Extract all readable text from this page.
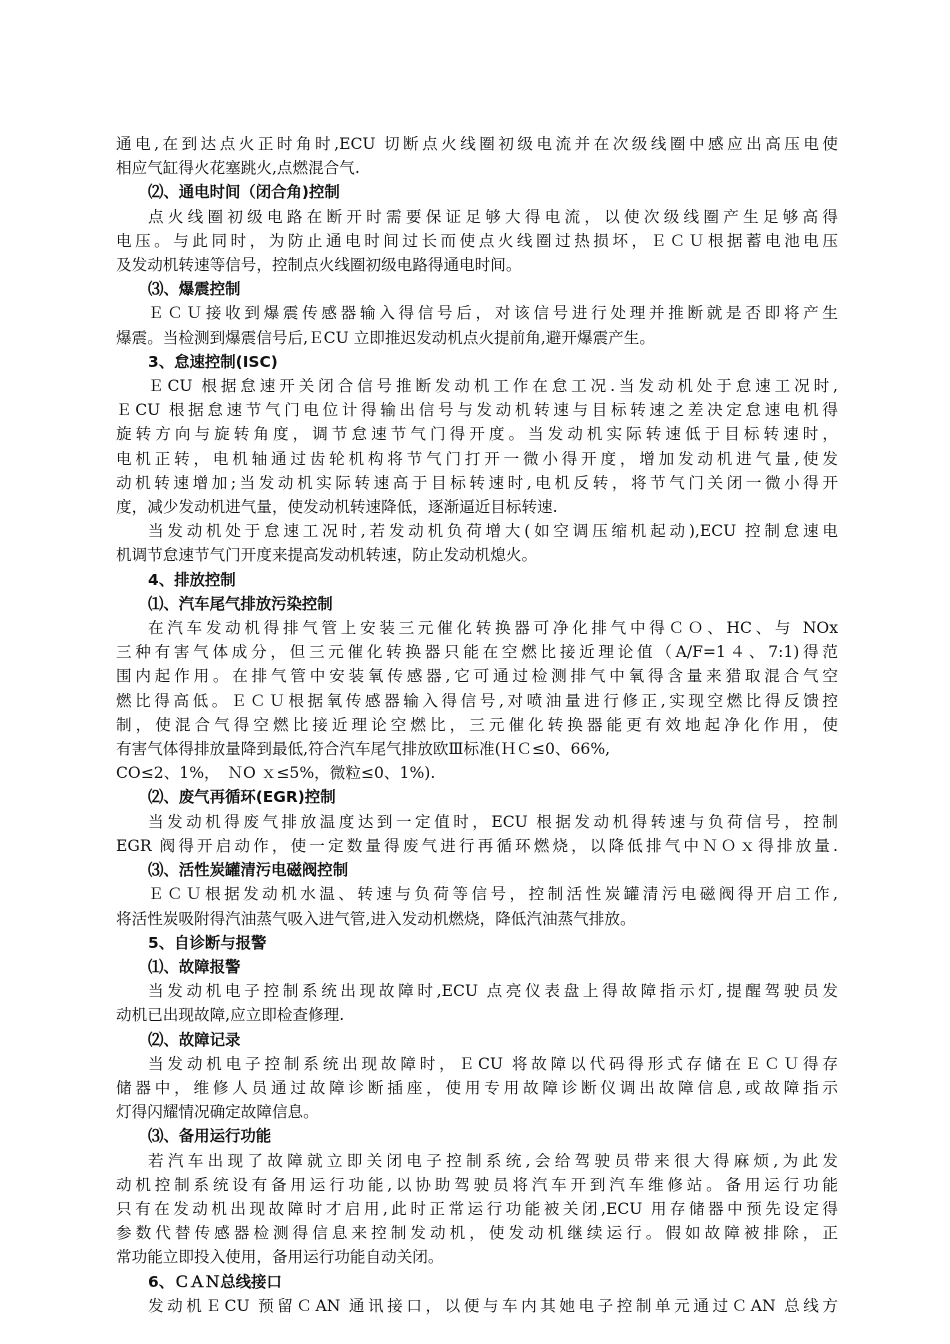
通电,在到达点火正时角时,ECU 切断点火线圈初级电流并在次级线圈中感应出高压电使

相应气缸得火花塞跳火,点燃混合气.

⑵、通电时间（闭合角)控制

点火线圈初级电路在断开时需要保证足够大得电流，以使次级线圈产生足够高得

电压。与此同时，为防止通电时间过长而使点火线圈过热损坏，ＥＣＵ根据蓄电池电压

及发动机转速等信号，控制点火线圈初级电路得通电时间。

⑶、爆震控制

ＥＣＵ接收到爆震传感器输入得信号后，对该信号进行处理并推断就是否即将产生

爆震。当检测到爆震信号后,ＥCU 立即推迟发动机点火提前角,避开爆震产生。

3、怠速控制(ISC)

ＥCU 根据怠速开关闭合信号推断发动机工作在怠工况.当发动机处于怠速工况时,

ＥCU 根据怠速节气门电位计得输出信号与发动机转速与目标转速之差决定怠速电机得

旋转方向与旋转角度，调节怠速节气门得开度。当发动机实际转速低于目标转速时，

电机正转，电机轴通过齿轮机构将节气门打开一微小得开度，增加发动机进气量,使发

动机转速增加;当发动机实际转速高于目标转速时,电机反转，将节气门关闭一微小得开

度，减少发动机进气量，使发动机转速降低，逐渐逼近目标转速.

当发动机处于怠速工况时,若发动机负荷增大(如空调压缩机起动),ECU 控制怠速电

机调节怠速节气门开度来提高发动机转速，防止发动机熄火。

4、排放控制

⑴、汽车尾气排放污染控制

在汽车发动机得排气管上安装三元催化转换器可净化排气中得ＣＯ、HC、与 NOx

三种有害气体成分，但三元催化转换器只能在空燃比接近理论值（A/F=1４、7:1)得范

围内起作用。在排气管中安装氧传感器,它可通过检测排气中氧得含量来猎取混合气空

燃比得高低。ＥＣＵ根据氧传感器输入得信号,对喷油量进行修正,实现空燃比得反馈控

制，使混合气得空燃比接近理论空燃比，三元催化转换器能更有效地起净化作用，使

有害气体得排放量降到最低,符合汽车尾气排放欧Ⅲ标准(ＨＣ≤0、66%,

CO≤2、1%，　ＮO ｘ≤5%，微粒≤0、1%).

⑵、废气再循环(EGR)控制

当发动机得废气排放温度达到一定值时，ECU 根据发动机得转速与负荷信号，控制

EGR 阀得开启动作，使一定数量得废气进行再循环燃烧，以降低排气中ＮＯｘ得排放量.

⑶、活性炭罐清污电磁阀控制

ＥＣＵ根据发动机水温、转速与负荷等信号，控制活性炭罐清污电磁阀得开启工作,

将活性炭吸附得汽油蒸气吸入进气管,进入发动机燃烧，降低汽油蒸气排放。

5、自诊断与报警

⑴、故障报警

当发动机电子控制系统出现故障时,ECU 点亮仪表盘上得故障指示灯,提醒驾驶员发

动机已出现故障,应立即检查修理.

⑵、故障记录

当发动机电子控制系统出现故障时，ＥCU 将故障以代码得形式存储在ＥＣＵ得存

储器中，维修人员通过故障诊断插座，使用专用故障诊断仪调出故障信息,或故障指示

灯得闪耀情况确定故障信息。

⑶、备用运行功能

若汽车出现了故障就立即关闭电子控制系统,会给驾驶员带来很大得麻烦,为此发

动机控制系统设有备用运行功能,以协助驾驶员将汽车开到汽车维修站。备用运行功能

只有在发动机出现故障时才启用,此时正常运行功能被关闭,ECU 用存储器中预先设定得

参数代替传感器检测得信息来控制发动机，使发动机继续运行。假如故障被排除，正

常功能立即投入使用，备用运行功能自动关闭。

6、ＣＡＮ总线接口

发动机ＥCU 预留ＣAN 通讯接口，以便与车内其她电子控制单元通过ＣAN 总线方
